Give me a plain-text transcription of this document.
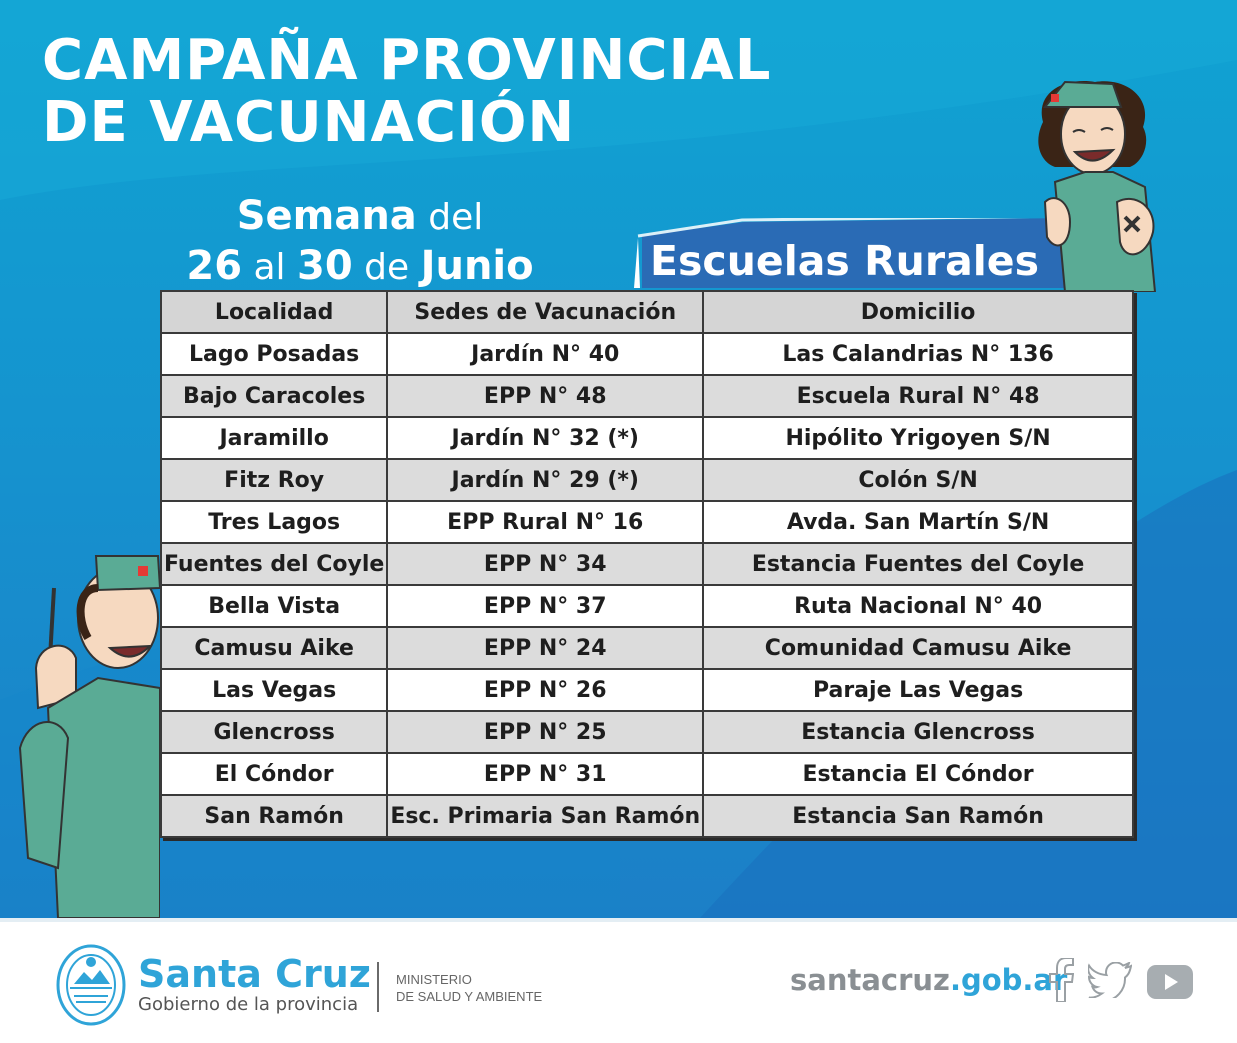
CAMPAÑA PROVINCIAL
DE VACUNACIÓN
Semana del
26 al 30 de Junio	Escuelas Rurales
Localidad	Sedes de Vacunación	Domicilio
Lago Posadas	Jardín N° 40	Las Calandrias N° 136
Bajo Caracoles	EPP N° 48	Escuela Rural N° 48
Jaramillo	Jardín N° 32 (*)	Hipólito Yrigoyen S/N
Fitz Roy	Jardín N° 29 (*)	Colón S/N
Tres Lagos	EPP Rural N° 16	Avda. San Martín S/N
Fuentes del Coyle	EPP N° 34	Estancia Fuentes del Coyle
Bella Vista	EPP N° 37	Ruta Nacional N° 40
Camusu Aike	EPP N° 24	Comunidad Camusu Aike
Las Vegas	EPP N° 26	Paraje Las Vegas
Glencross	EPP N° 25	Estancia Glencross
El Cóndor	EPP N° 31	Estancia El Cóndor
San Ramón	Esc. Primaria San Ramón	Estancia San Ramón
Santa Cruz
Gobierno de la provincia
MINISTERIO
DE SALUD Y AMBIENTE	santacruz.gob.ar
